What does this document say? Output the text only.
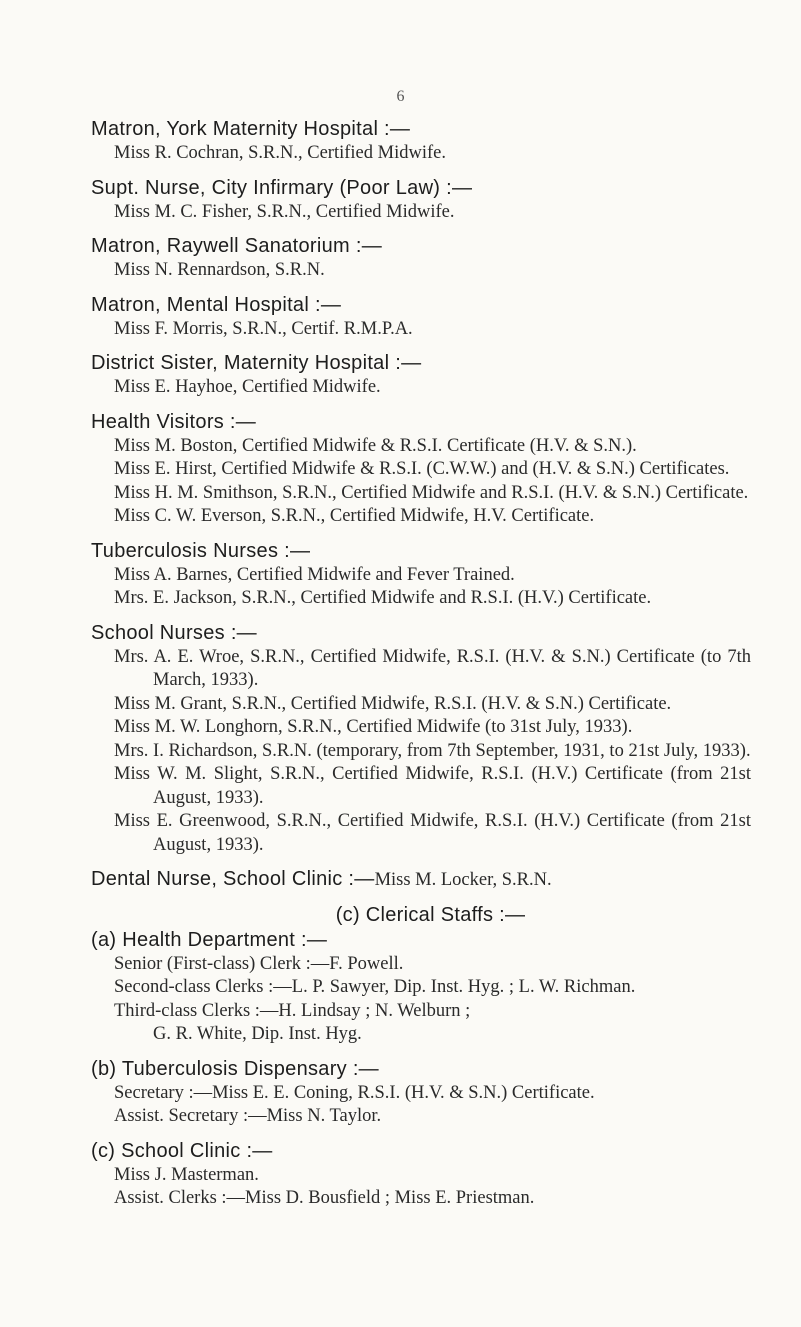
6
Matron, York Maternity Hospital :—
Miss R. Cochran, S.R.N., Certified Midwife.
Supt. Nurse, City Infirmary (Poor Law) :—
Miss M. C. Fisher, S.R.N., Certified Midwife.
Matron, Raywell Sanatorium :—
Miss N. Rennardson, S.R.N.
Matron, Mental Hospital :—
Miss F. Morris, S.R.N., Certif. R.M.P.A.
District Sister, Maternity Hospital :—
Miss E. Hayhoe, Certified Midwife.
Health Visitors :—
Miss M. Boston, Certified Midwife & R.S.I. Certificate (H.V. & S.N.).
Miss E. Hirst, Certified Midwife & R.S.I. (C.W.W.) and (H.V. & S.N.) Certificates.
Miss H. M. Smithson, S.R.N., Certified Midwife and R.S.I. (H.V. & S.N.) Certificate.
Miss C. W. Everson, S.R.N., Certified Midwife, H.V. Certificate.
Tuberculosis Nurses :—
Miss A. Barnes, Certified Midwife and Fever Trained.
Mrs. E. Jackson, S.R.N., Certified Midwife and R.S.I. (H.V.) Certificate.
School Nurses :—
Mrs. A. E. Wroe, S.R.N., Certified Midwife, R.S.I. (H.V. & S.N.) Certificate (to 7th March, 1933).
Miss M. Grant, S.R.N., Certified Midwife, R.S.I. (H.V. & S.N.) Certificate.
Miss M. W. Longhorn, S.R.N., Certified Midwife (to 31st July, 1933).
Mrs. I. Richardson, S.R.N. (temporary, from 7th September, 1931, to 21st July, 1933).
Miss W. M. Slight, S.R.N., Certified Midwife, R.S.I. (H.V.) Certificate (from 21st August, 1933).
Miss E. Greenwood, S.R.N., Certified Midwife, R.S.I. (H.V.) Certificate (from 21st August, 1933).
Dental Nurse, School Clinic :—Miss M. Locker, S.R.N.
(c) Clerical Staffs :—
(a) Health Department :—
Senior (First-class) Clerk :—F. Powell.
Second-class Clerks :—L. P. Sawyer, Dip. Inst. Hyg. ; L. W. Richman.
Third-class Clerks :—H. Lindsay ; N. Welburn ;
G. R. White, Dip. Inst. Hyg.
(b) Tuberculosis Dispensary :—
Secretary :—Miss E. E. Coning, R.S.I. (H.V. & S.N.) Certificate.
Assist. Secretary :—Miss N. Taylor.
(c) School Clinic :—
Miss J. Masterman.
Assist. Clerks :—Miss D. Bousfield ; Miss E. Priestman.
